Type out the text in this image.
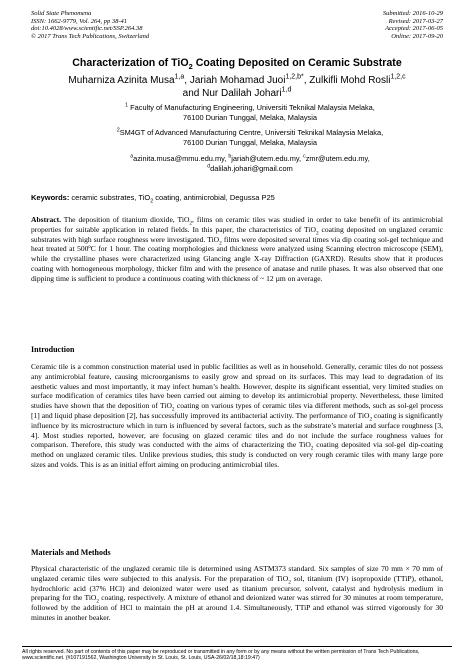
Solid State Phenomena
ISSN: 1662-9779, Vol. 264, pp 38-41
doi:10.4028/www.scientific.net/SSP.264.38
© 2017 Trans Tech Publications, Switzerland
Submitted: 2016-10-29
Revised: 2017-03-27
Accepted: 2017-06-05
Online: 2017-09-20
Characterization of TiO$_2$ Coating Deposited on Ceramic Substrate
Muharniza Azinita Musa$^{1,a}$, Jariah Mohamad Juoi$^{1,2,b*}$, Zulkifli Mohd Rosli$^{1,2,c}$
and Nur Dalilah Johari$^{1,d}$
$^1$ Faculty of Manufacturing Engineering, Universiti Teknikal Malaysia Melaka,
76100 Durian Tunggal, Melaka, Malaysia
$^2$SM4GT of Advanced Manufacturing Centre, Universiti Teknikal Malaysia Melaka,
76100 Durian Tunggal, Melaka, Malaysia
$^a$azinita.musa@mmu.edu.my, $^b$jariah@utem.edu.my, $^c$zmr@utem.edu.my,
$^d$dalilah.johari@gmail.com
Keywords: ceramic substrates, TiO$_2$ coating, antimicrobial, Degussa P25
Abstract. The deposition of titanium dioxide, TiO$_2$, films on ceramic tiles was studied in order to take benefit of its antimicrobial properties for suitable application in related fields. In this paper, the characteristics of TiO$_2$ coating deposited on unglazed ceramic substrates with high surface roughness were investigated. TiO$_2$ films were deposited several times via dip coating sol-gel technique and heat treated at 500ºC for 1 hour. The coating morphologies and thickness were analyzed using Scanning electron microscope (SEM), while the crystalline phases were characterized using Glancing angle X-ray Diffraction (GAXRD). Results show that it produces coating with homogeneous morphology, thicker film and with the presence of anatase and rutile phases. It was also observed that one dipping time is sufficient to produce a continuous coating with thickness of ~ 12 µm on average.
Introduction
Ceramic tile is a common construction material used in public facilities as well as in household. Generally, ceramic tiles do not possess any antimicrobial feature, causing microorganisms to easily grow and spread on its surfaces. This may lead to degradation of its aesthetic values and most importantly, it may infect human’s health. However, despite its significant essential, very limited studies on surface modification of ceramics tiles have been carried out aiming to develop its antimicrobial property. Nevertheless, these limited studies have shown that the deposition of TiO$_2$ coating on various types of ceramic tiles via different methods, such as sol-gel process [1] and liquid phase deposition [2], has successfully improved its antibacterial activity. The performance of TiO$_2$ coating is significantly influence by its microstructure which in turn is influenced by several factors, such as the substrate’s material and surface roughness [3, 4]. Most studies reported, however, are focusing on glazed ceramic tiles and do not include the surface roughness values for comparison. Therefore, this study was conducted with the aims of characterizing the TiO$_2$ coating deposited via sol-gel dip-coating method on unglazed ceramic tiles. Unlike previous studies, this study is conducted on very rough ceramic tiles with many large pore sizes and voids. This is as an initial effort aiming on producing antimicrobial tiles.
Materials and Methods
Physical characteristic of the unglazed ceramic tile is determined using ASTM373 standard. Six samples of size 70 mm × 70 mm of unglazed ceramic tiles were subjected to this analysis. For the preparation of TiO$_2$ sol, titanium (IV) isopropoxide (TTiP), ethanol, hydrochloric acid (37% HCl) and deionized water were used as titanium precursor, solvent, catalyst and hydrolysis medium in preparing for the TiO$_2$ coating, respectively. A mixture of ethanol and deionized water was stirred for 30 minutes at room temperature, followed by the addition of HCl to maintain the pH at around 1.4. Simultaneously, TTiP and ethanol was stirred vigorously for 30 minutes in another beaker.
All rights reserved. No part of contents of this paper may be reproduced or transmitted in any form or by any means without the written permission of Trans Tech Publications, www.scientific.net. (#107191562, Washington University in St. Louis, St. Louis, USA-26/02/18,18:19:47)
